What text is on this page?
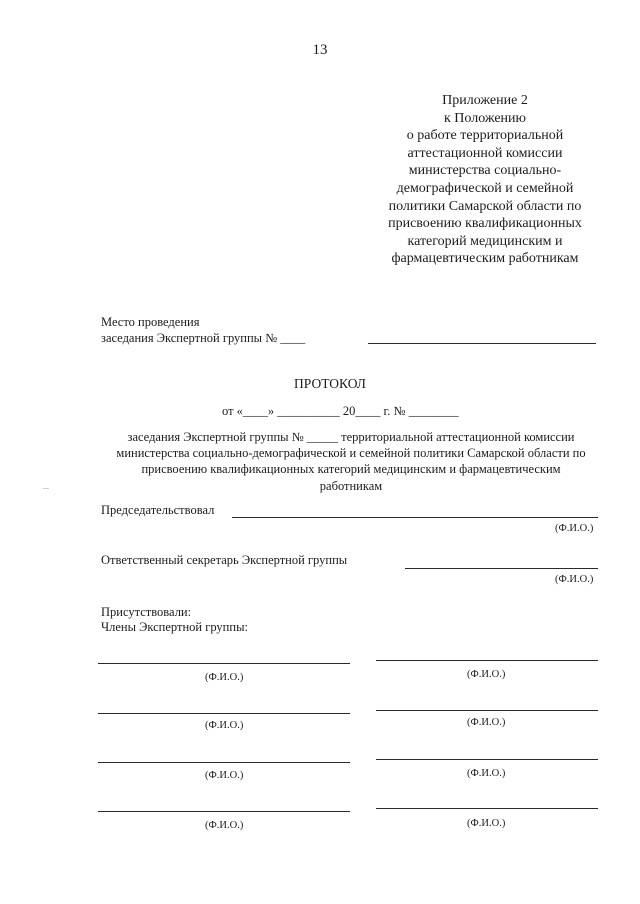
13
Приложение 2
к Положению
о работе территориальной
аттестационной комиссии
министерства социально-
демографической и семейной
политики Самарской области по
присвоению квалификационных
категорий медицинским и
фармацевтическим работникам
Место проведения
заседания Экспертной группы № ____
ПРОТОКОЛ
от «____» __________ 20____ г. № ________
заседания Экспертной группы № _____ территориальной аттестационной комиссии
министерства социально-демографической и семейной политики Самарской области по
присвоению квалификационных категорий медицинским и фармацевтическим
работникам
Председательствовал
(Ф.И.О.)
Ответственный секретарь Экспертной группы
(Ф.И.О.)
Присутствовали:
Члены Экспертной группы:
(Ф.И.О.)	(Ф.И.О.)
(Ф.И.О.)	(Ф.И.О.)
(Ф.И.О.)	(Ф.И.О.)
(Ф.И.О.)	(Ф.И.О.)
